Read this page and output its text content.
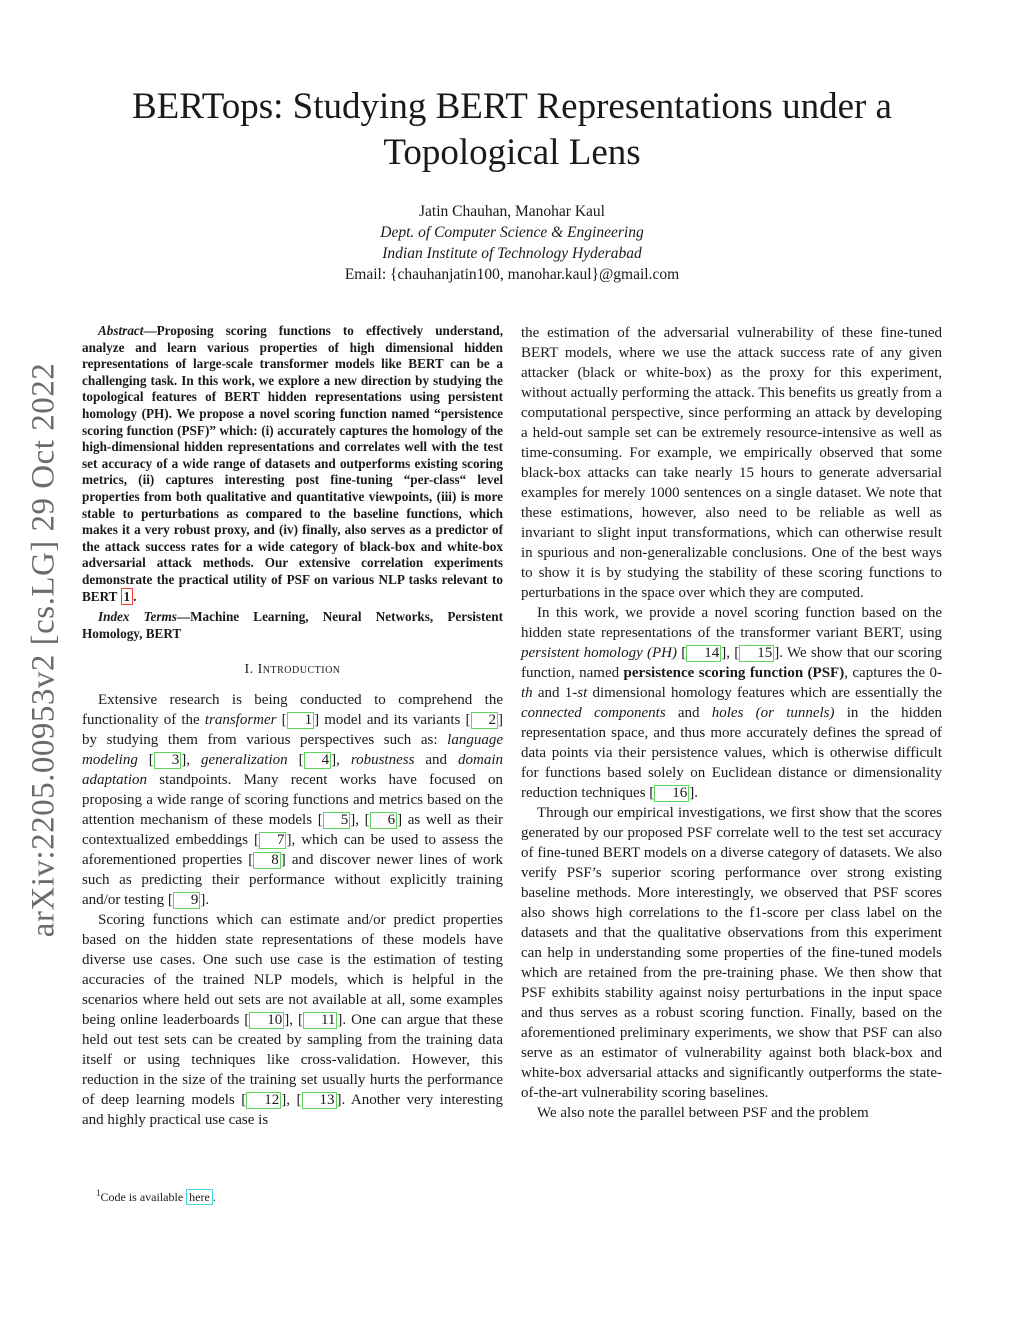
arXiv:2205.00953v2 [cs.LG] 29 Oct 2022
BERTops: Studying BERT Representations under a
Topological Lens
Jatin Chauhan, Manohar Kaul
Dept. of Computer Science & Engineering
Indian Institute of Technology Hyderabad
Email: {chauhanjatin100, manohar.kaul}@gmail.com

Abstract—Proposing scoring functions to effectively understand, analyze and learn various properties of high dimensional hidden representations of large-scale transformer models like BERT can be a challenging task. In this work, we explore a new direction by studying the topological features of BERT hidden representations using persistent homology (PH). We propose a novel scoring function named “persistence scoring function (PSF)” which: (i) accurately captures the homology of the high-dimensional hidden representations and correlates well with the test set accuracy of a wide range of datasets and outperforms existing scoring metrics, (ii) captures interesting post fine-tuning “per-class“ level properties from both qualitative and quantitative viewpoints, (iii) is more stable to perturbations as compared to the baseline functions, which makes it a very robust proxy, and (iv) finally, also serves as a predictor of the attack success rates for a wide category of black-box and white-box adversarial attack methods. Our extensive correlation experiments demonstrate the practical utility of PSF on various NLP tasks relevant to BERT 1 .

Index Terms—Machine Learning, Neural Networks, Persistent Homology, BERT

I. Introduction

Extensive research is being conducted to comprehend the functionality of the transformer [ 1 ] model and its variants [ 2 ] by studying them from various perspectives such as: language modeling [ 3 ], generalization [ 4 ], robustness and domain adaptation standpoints. Many recent works have focused on proposing a wide range of scoring functions and metrics based on the attention mechanism of these models [ 5 ], [ 6 ] as well as their contextualized embeddings [ 7 ], which can be used to assess the aforementioned properties [ 8 ] and discover newer lines of work such as predicting their performance without explicitly training and/or testing [ 9 ].

Scoring functions which can estimate and/or predict properties based on the hidden state representations of these models have diverse use cases. One such use case is the estimation of testing accuracies of the trained NLP models, which is helpful in the scenarios where held out sets are not available at all, some examples being online leaderboards [ 10 ], [ 11 ]. One can argue that these held out test sets can be created by sampling from the training data itself or using techniques like cross-validation. However, this reduction in the size of the training set usually hurts the performance of deep learning models [ 12 ], [ 13 ]. Another very interesting and highly practical use case is

the estimation of the adversarial vulnerability of these fine-tuned BERT models, where we use the attack success rate of any given attacker (black or white-box) as the proxy for this experiment, without actually performing the attack. This benefits us greatly from a computational perspective, since performing an attack by developing a held-out sample set can be extremely resource-intensive as well as time-consuming. For example, we empirically observed that some black-box attacks can take nearly 15 hours to generate adversarial examples for merely 1000 sentences on a single dataset. We note that these estimations, however, also need to be reliable as well as invariant to slight input transformations, which can otherwise result in spurious and non-generalizable conclusions. One of the best ways to show it is by studying the stability of these scoring functions to perturbations in the space over which they are computed.

In this work, we provide a novel scoring function based on the hidden state representations of the transformer variant BERT, using persistent homology (PH) [ 14 ], [ 15 ]. We show that our scoring function, named persistence scoring function (PSF), captures the 0-th and 1-st dimensional homology features which are essentially the connected components and holes (or tunnels) in the hidden representation space, and thus more accurately defines the spread of data points via their persistence values, which is otherwise difficult for functions based solely on Euclidean distance or dimensionality reduction techniques [ 16 ].

Through our empirical investigations, we first show that the scores generated by our proposed PSF correlate well to the test set accuracy of fine-tuned BERT models on a diverse category of datasets. We also verify PSF’s superior scoring performance over strong existing baseline methods. More interestingly, we observed that PSF scores also shows high correlations to the f1-score per class label on the datasets and that the qualitative observations from this experiment can help in understanding some properties of the fine-tuned models which are retained from the pre-training phase. We then show that PSF exhibits stability against noisy perturbations in the input space and thus serves as a robust scoring function. Finally, based on the aforementioned preliminary experiments, we show that PSF can also serve as an estimator of vulnerability against both black-box and white-box adversarial attacks and significantly outperforms the state-of-the-art vulnerability scoring baselines.

We also note the parallel between PSF and the problem

$^1$Code is available here .
